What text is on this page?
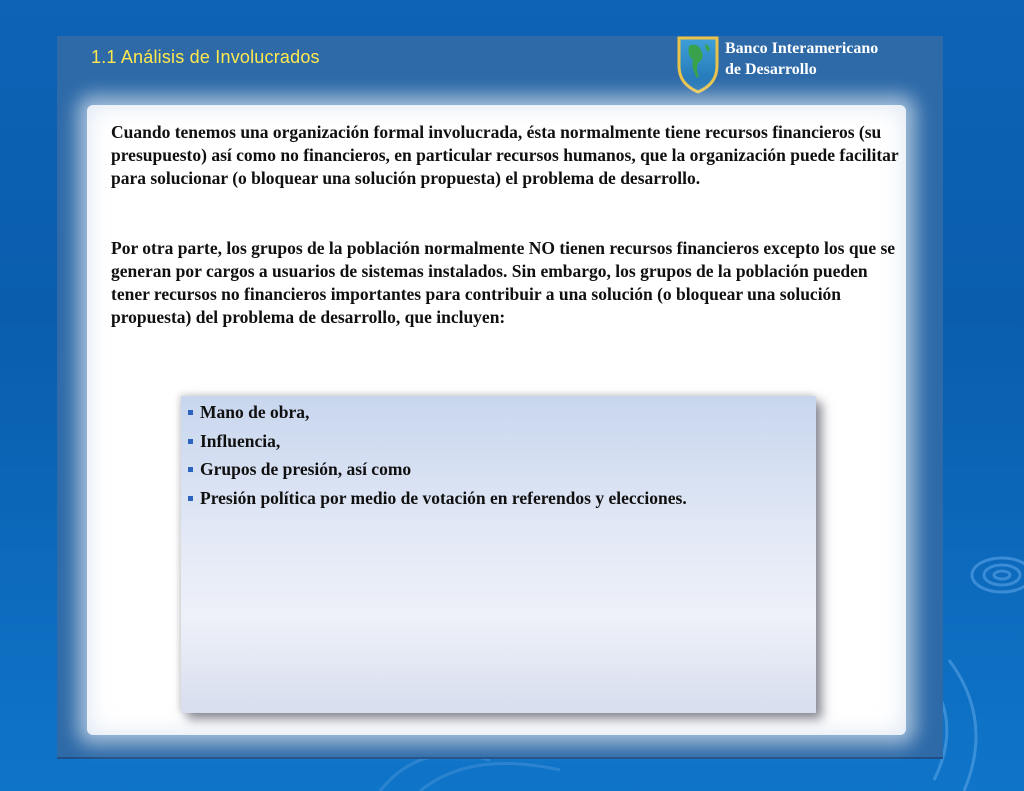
1.1 Análisis de Involucrados	Banco Interamericano
de Desarrollo

Cuando tenemos una organización formal involucrada, ésta normalmente tiene recursos financieros (su presupuesto) así como no financieros, en particular recursos humanos, que la organización puede facilitar para solucionar (o bloquear una solución propuesta) el problema de desarrollo.

Por otra parte, los grupos de la población normalmente NO tienen recursos financieros excepto los que se generan por cargos a usuarios de sistemas instalados. Sin embargo, los grupos de la población pueden tener recursos no financieros importantes para contribuir a una solución (o bloquear una solución propuesta) del problema de desarrollo, que incluyen:

Mano de obra,
Influencia,
Grupos de presión, así como
Presión política por medio de votación en referendos y elecciones.
